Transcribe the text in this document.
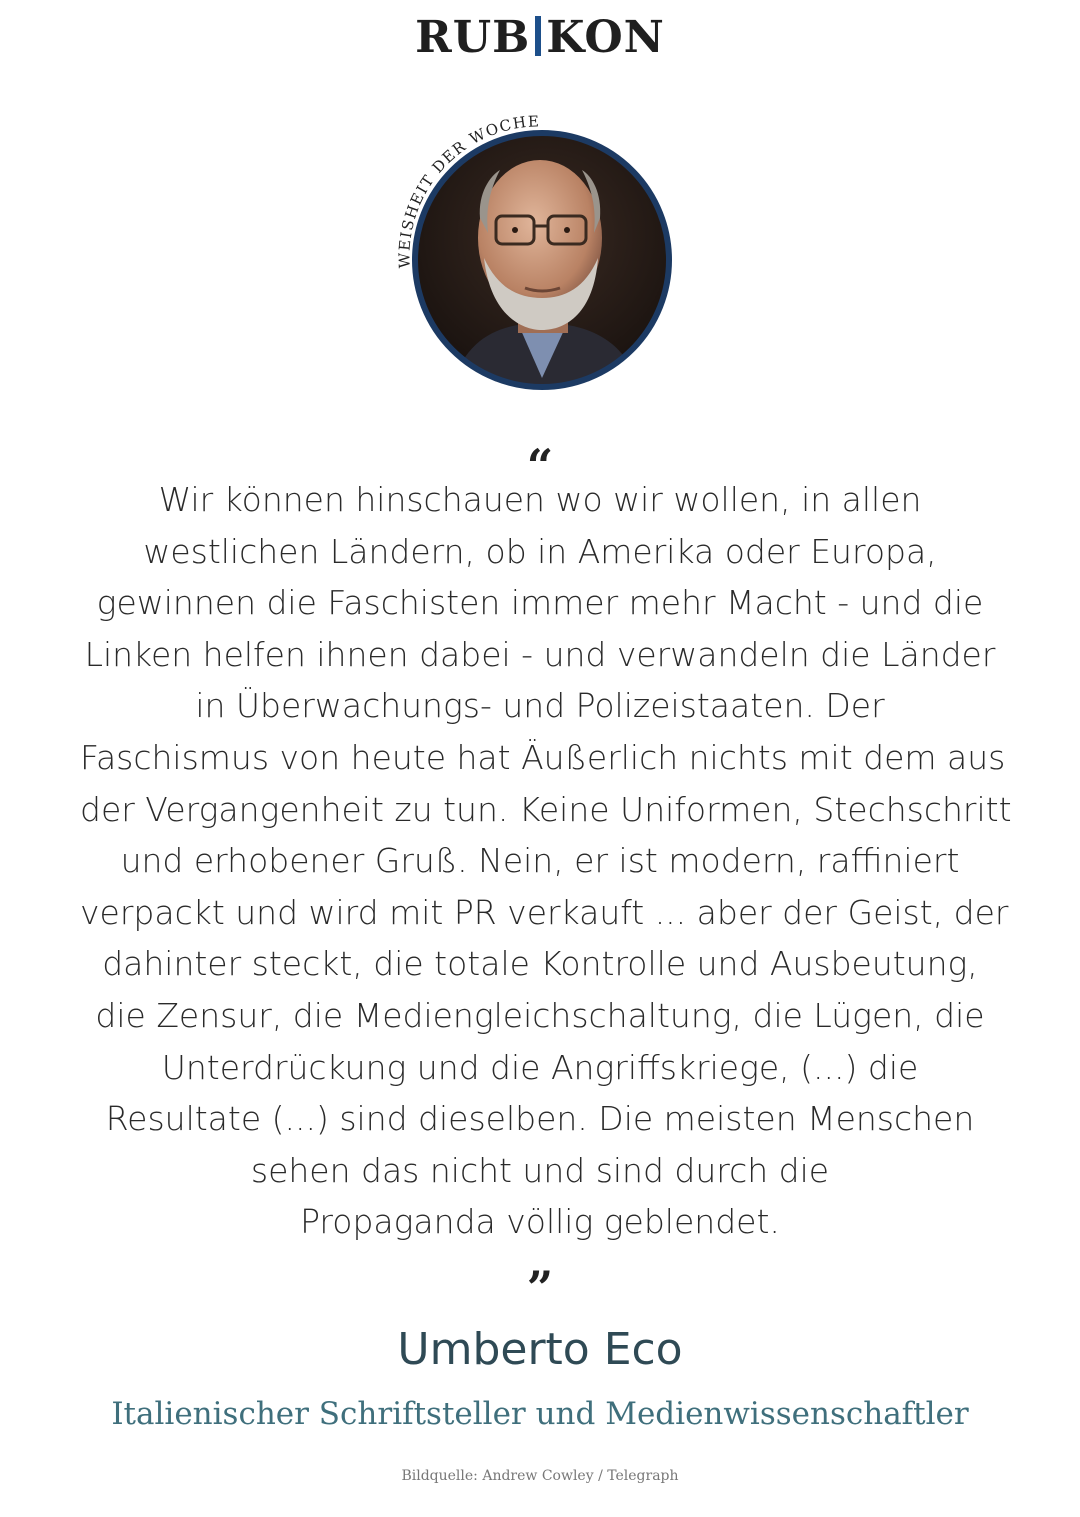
RUB KON
WEISHEIT DER WOCHE
“

Wir können hinschauen wo wir wollen, in allen
westlichen Ländern, ob in Amerika oder Europa,
gewinnen die Faschisten immer mehr Macht - und die
Linken helfen ihnen dabei - und verwandeln die Länder
in Überwachungs- und Polizeistaaten. Der
Faschismus von heute hat Äußerlich nichts mit dem aus
der Vergangenheit zu tun. Keine Uniformen, Stechschritt
und erhobener Gruß. Nein, er ist modern, raffiniert
verpackt und wird mit PR verkauft ... aber der Geist, der
dahinter steckt, die totale Kontrolle und Ausbeutung,
die Zensur, die Mediengleichschaltung, die Lügen, die
Unterdrückung und die Angriffskriege, (...) die
Resultate (...) sind dieselben. Die meisten Menschen
sehen das nicht und sind durch die
Propaganda völlig geblendet.

”
Umberto Eco
Italienischer Schriftsteller und Medienwissenschaftler
Bildquelle: Andrew Cowley / Telegraph
